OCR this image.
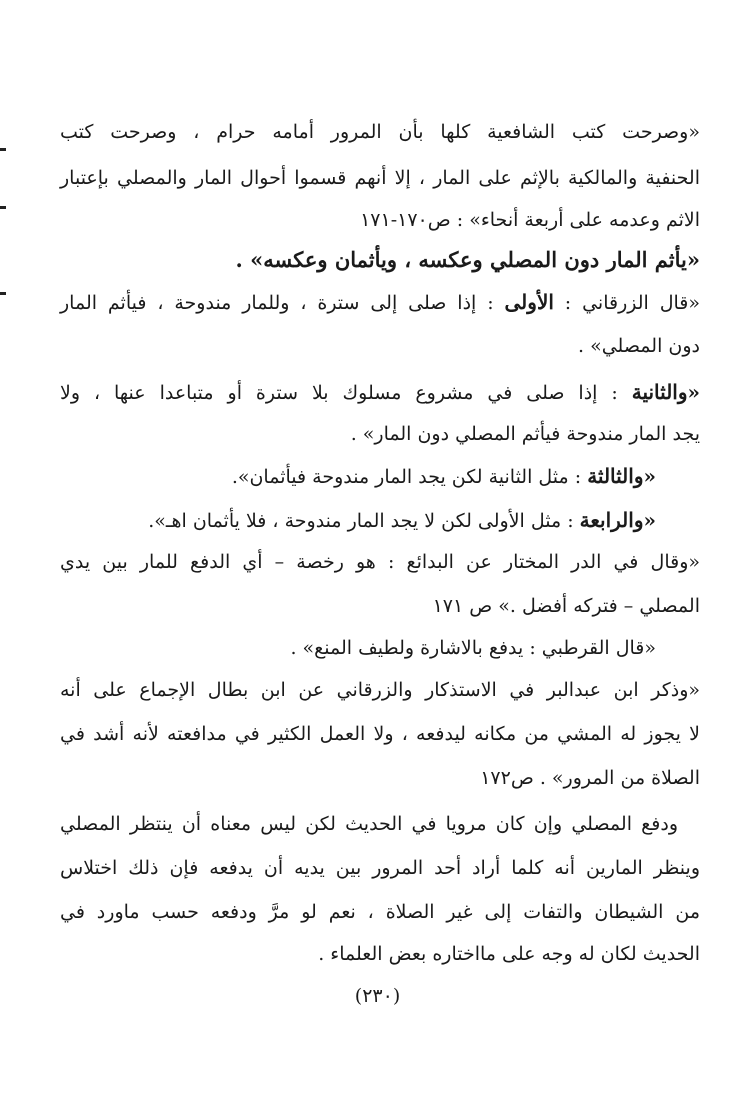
«وصرحت كتب الشافعية كلها بأن المرور أمامه حرام ، وصرحت كتب
الحنفية والمالكية بالإثم على المار ، إلا أنهم قسموا أحوال المار والمصلي بإعتبار
الاثم وعدمه على أربعة أنحاء» : ص١٧٠-١٧١
«يأثم المار دون المصلي وعكسه ، ويأثمان وعكسه» .
«قال الزرقاني : الأولى : إذا صلى إلى سترة ، وللمار مندوحة ، فيأثم المار
دون المصلي» .
«والثانية : إذا صلى في مشروع مسلوك بلا سترة أو متباعدا عنها ، ولا
يجد المار مندوحة فيأثم المصلي دون المار» .
«والثالثة : مثل الثانية لكن يجد المار مندوحة فيأثمان».
«والرابعة : مثل الأولى لكن لا يجد المار مندوحة ، فلا يأثمان اهـ».
«وقال في الدر المختار عن البدائع : هو رخصة – أي الدفع للمار بين يدي
المصلي – فتركه أفضل .» ص ١٧١
«قال القرطبي : يدفع بالاشارة ولطيف المنع» .
«وذكر ابن عبدالبر في الاستذكار والزرقاني عن ابن بطال الإجماع على أنه
لا يجوز له المشي من مكانه ليدفعه ، ولا العمل الكثير في مدافعته لأنه أشد في
الصلاة من المرور» . ص١٧٢
ودفع المصلي وإن كان مرويا في الحديث لكن ليس معناه أن ينتظر المصلي
وينظر المارين أنه كلما أراد أحد المرور بين يديه أن يدفعه فإن ذلك اختلاس
من الشيطان والتفات إلى غير الصلاة ، نعم لو مرَّ ودفعه حسب ماورد في
الحديث لكان له وجه على مااختاره بعض العلماء .
(٢٣٠)
